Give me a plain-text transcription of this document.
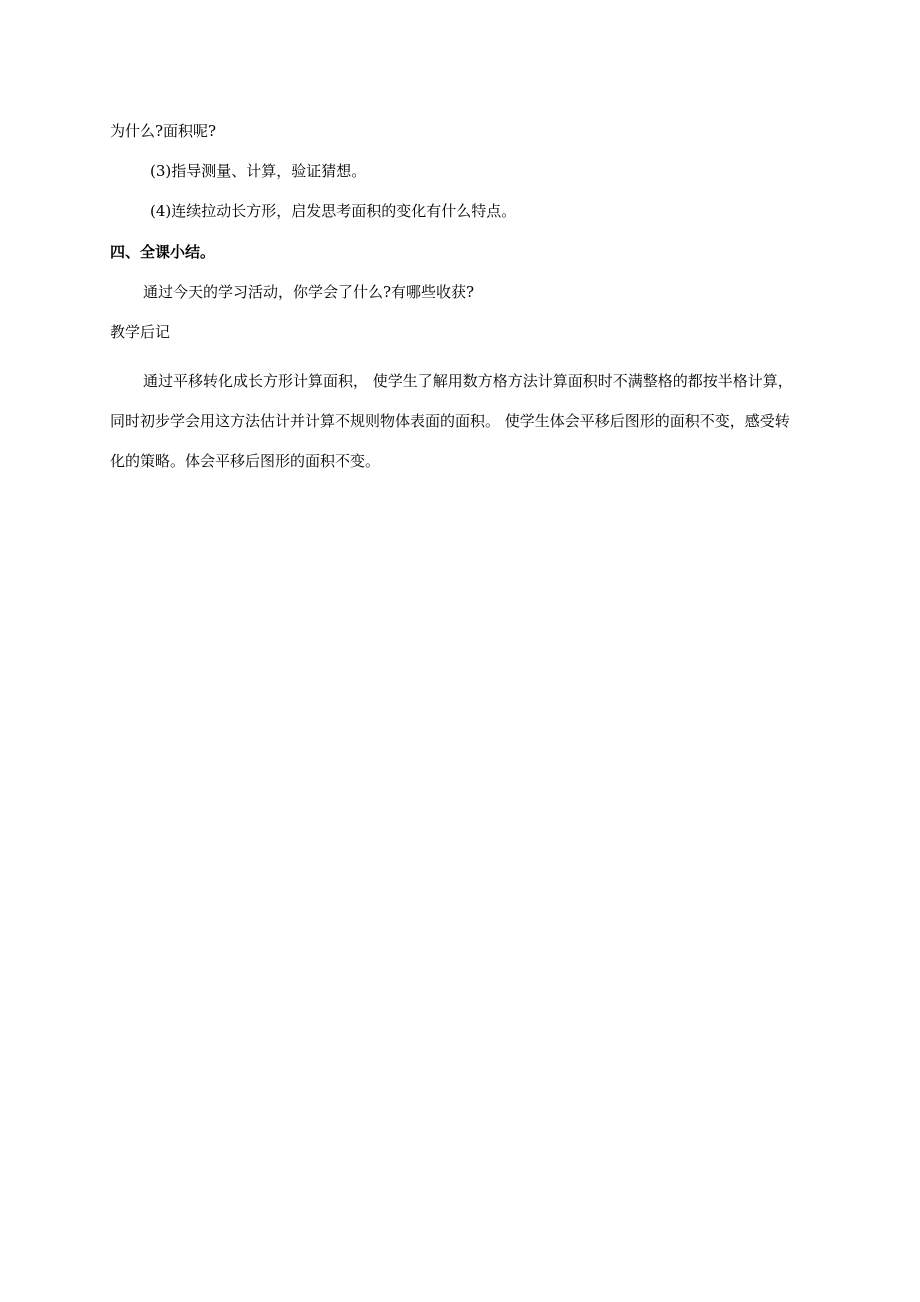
为什么?面积呢?
(3)指导测量、计算，验证猜想。
(4)连续拉动长方形，启发思考面积的变化有什么特点。
四、全课小结。
通过今天的学习活动，你学会了什么?有哪些收获?
教学后记
通过平移转化成长方形计算面积， 使学生了解用数方格方法计算面积时不满整格的都按半格计算，同时初步学会用这方法估计并计算不规则物体表面的面积。 使学生体会平移后图形的面积不变，感受转化的策略。体会平移后图形的面积不变。
